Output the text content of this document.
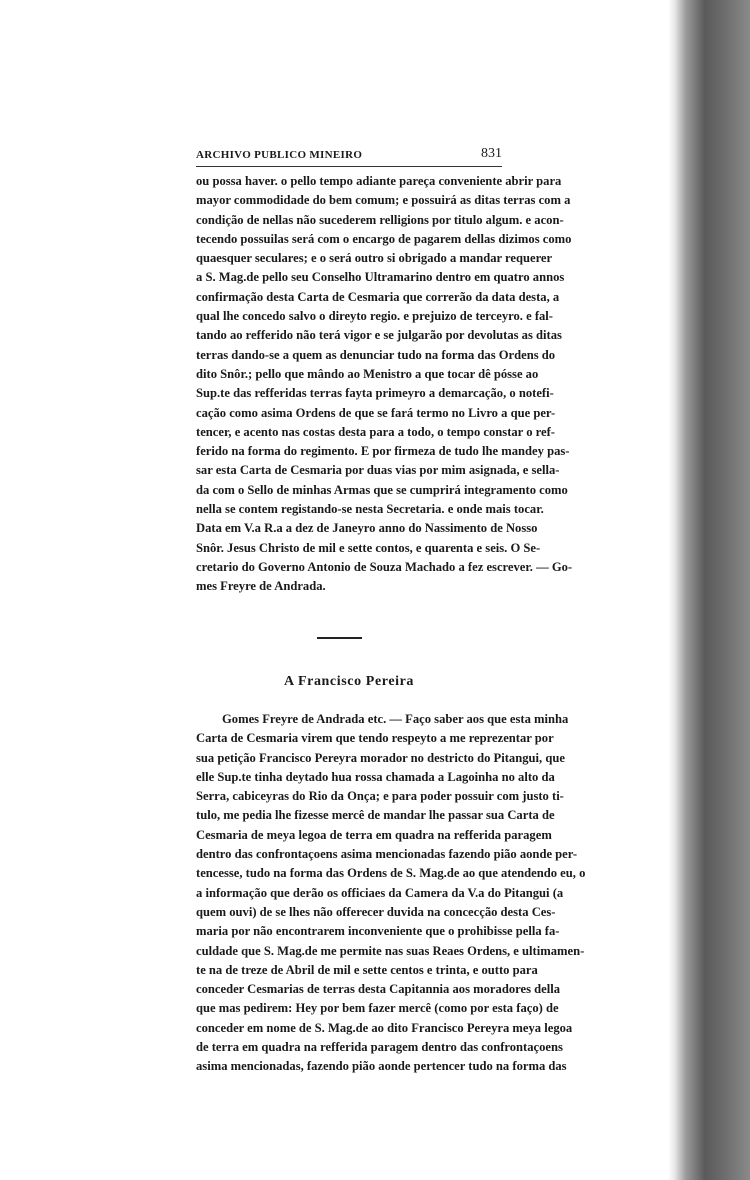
ARCHIVO PUBLICO MINEIRO	831
ou possa haver. o pello tempo adiante pareça conveniente abrir para
mayor commodidade do bem comum; e possuirá as ditas terras com a
condição de nellas não sucederem relligions por titulo algum. e acon-
tecendo possuilas será com o encargo de pagarem dellas dizimos como
quaesquer seculares; e o será outro si obrigado a mandar requerer
a S. Mag.de pello seu Conselho Ultramarino dentro em quatro annos
confirmação desta Carta de Cesmaria que correrão da data desta, a
qual lhe concedo salvo o direyto regio. e prejuizo de terceyro. e fal-
tando ao refferido não terá vigor e se julgarão por devolutas as ditas
terras dando-se a quem as denunciar tudo na forma das Ordens do
dito Snôr.; pello que mândo ao Menistro a que tocar dê pósse ao
Sup.te das refferidas terras fayta primeyro a demarcação, o notefi-
cação como asima Ordens de que se fará termo no Livro a que per-
tencer, e acento nas costas desta para a todo, o tempo constar o ref-
ferido na forma do regimento. E por firmeza de tudo lhe mandey pas-
sar esta Carta de Cesmaria por duas vias por mim asignada, e sella-
da com o Sello de minhas Armas que se cumprirá integramento como
nella se contem registando-se nesta Secretaria. e onde mais tocar.
Data em V.a R.a a dez de Janeyro anno do Nassimento de Nosso
Snôr. Jesus Christo de mil e sette contos, e quarenta e seis. O Se-
cretario do Governo Antonio de Souza Machado a fez escrever. — Go-
mes Freyre de Andrada.
A Francisco Pereira
Gomes Freyre de Andrada etc. — Faço saber aos que esta minha
Carta de Cesmaria virem que tendo respeyto a me reprezentar por
sua petição Francisco Pereyra morador no destricto do Pitangui, que
elle Sup.te tinha deytado hua rossa chamada a Lagoinha no alto da
Serra, cabiceyras do Rio da Onça; e para poder possuir com justo ti-
tulo, me pedia lhe fizesse mercê de mandar lhe passar sua Carta de
Cesmaria de meya legoa de terra em quadra na refferida paragem
dentro das confrontaçoens asima mencionadas fazendo pião aonde per-
tencesse, tudo na forma das Ordens de S. Mag.de ao que atendendo eu, o
a informação que derão os officiaes da Camera da V.a do Pitangui (a
quem ouvi) de se lhes não offerecer duvida na concecção desta Ces-
maria por não encontrarem inconveniente que o prohibisse pella fa-
culdade que S. Mag.de me permite nas suas Reaes Ordens, e ultimamen-
te na de treze de Abril de mil e sette centos e trinta, e outto para
conceder Cesmarias de terras desta Capitannia aos moradores della
que mas pedirem: Hey por bem fazer mercê (como por esta faço) de
conceder em nome de S. Mag.de ao dito Francisco Pereyra meya legoa
de terra em quadra na refferida paragem dentro das confrontaçoens
asima mencionadas, fazendo pião aonde pertencer tudo na forma das
